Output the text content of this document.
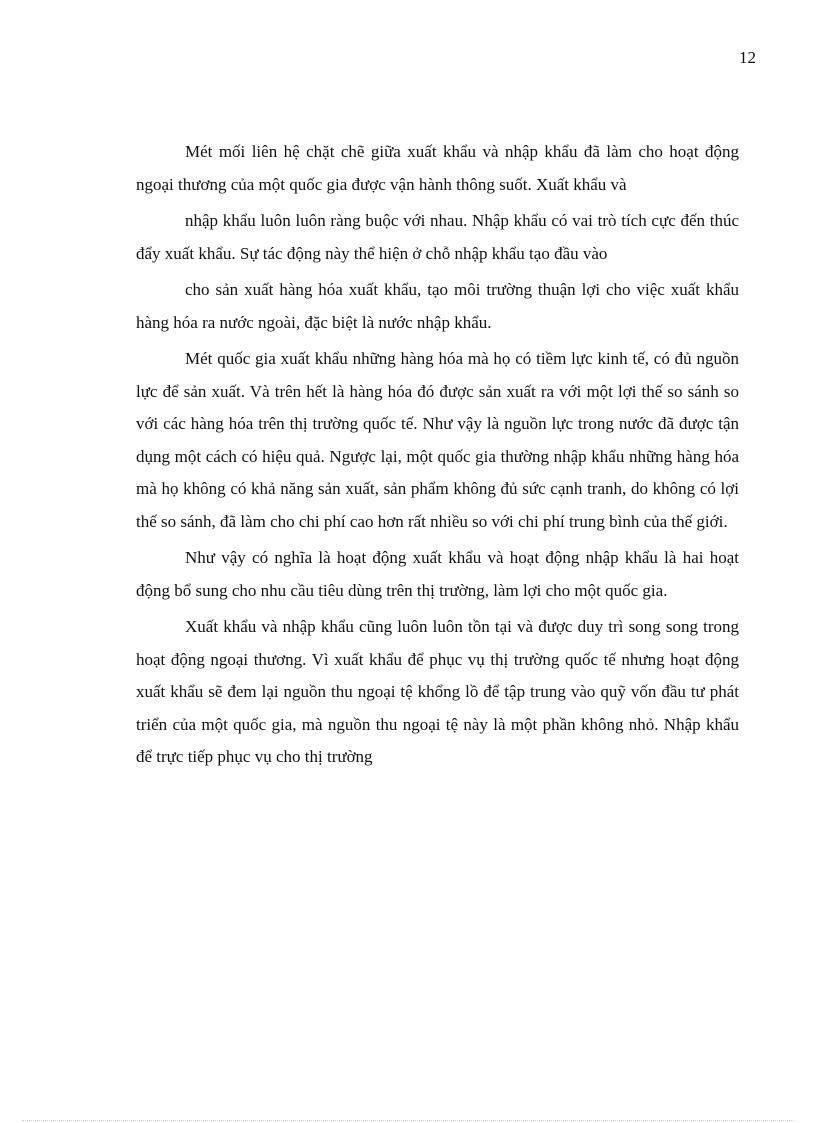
12

Mét mối liên hệ chặt chẽ giữa xuất khẩu và nhập khẩu đã làm cho hoạt động ngoại thương của một quốc gia được vận hành thông suốt. Xuất khẩu và

nhập khẩu luôn luôn ràng buộc với nhau. Nhập khẩu có vai trò tích cực đến thúc đẩy xuất khẩu. Sự tác động này thể hiện ở chỗ nhập khẩu tạo đầu vào

cho sản xuất hàng hóa xuất khẩu, tạo môi trường thuận lợi cho việc xuất khẩu hàng hóa ra nước ngoài, đặc biệt là nước nhập khẩu.

Mét quốc gia xuất khẩu những hàng hóa mà họ có tiềm lực kinh tế, có đủ nguồn lực để sản xuất. Và trên hết là hàng hóa đó được sản xuất ra với một lợi thế so sánh so với các hàng hóa trên thị trường quốc tế. Như vậy là nguồn lực trong nước đã được tận dụng một cách có hiệu quả. Ngược lại, một quốc gia thường nhập khẩu những hàng hóa mà họ không có khả năng sản xuất, sản phẩm không đủ sức cạnh tranh, do không có lợi thế so sánh, đã làm cho chi phí cao hơn rất nhiều so với chi phí trung bình của thế giới.

Như vậy có nghĩa là hoạt động xuất khẩu và hoạt động nhập khẩu là hai hoạt động bổ sung cho nhu cầu tiêu dùng trên thị trường, làm lợi cho một quốc gia.

Xuất khẩu và nhập khẩu cũng luôn luôn tồn tại và được duy trì song song trong hoạt động ngoại thương. Vì xuất khẩu để phục vụ thị trường quốc tế nhưng hoạt động xuất khẩu sẽ đem lại nguồn thu ngoại tệ khổng lồ để tập trung vào quỹ vốn đầu tư phát triển của một quốc gia, mà nguồn thu ngoại tệ này là một phần không nhỏ. Nhập khẩu để trực tiếp phục vụ cho thị trường
